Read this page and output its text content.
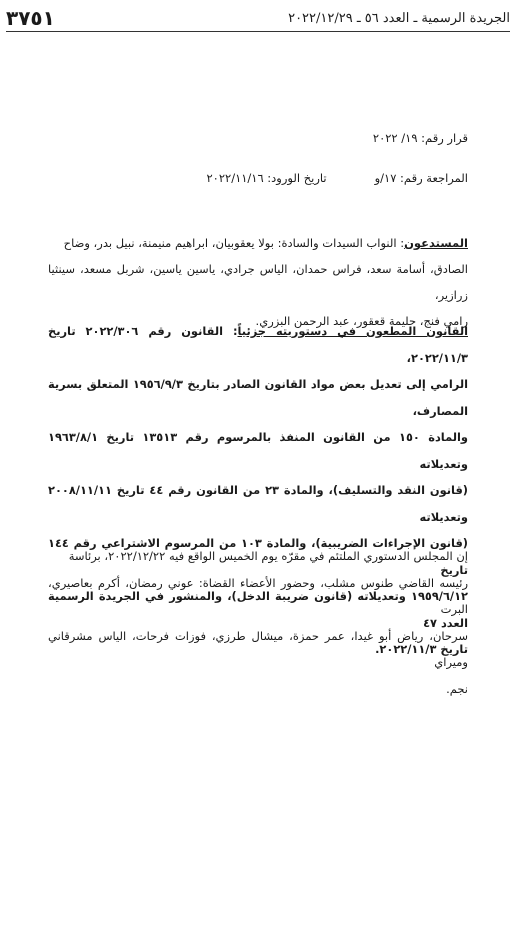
الجريدة الرسمية ـ العدد ٥٦ ـ ٢٠٢٢/١٢/٢٩
٣٧٥١
قرار رقم: ١٩/ ٢٠٢٢
المراجعة رقم: ١٧/و
تاريخ الورود: ٢٠٢٢/١١/١٦
المستدعون: النواب السيدات والسادة: بولا يعقوبيان، ابراهيم منيمنة، نبيل بدر، وضاح
الصادق، أسامة سعد، فراس حمدان، الياس جرادي، ياسين ياسين، شربل مسعد، سينثيا زرازير،
رامي فنج، حليمة قعقور، عبد الرحمن البزري.
القانون المطعون في دستوريته جزئياً: القانون رقم ٢٠٢٢/٣٠٦ تاريخ ٢٠٢٢/١١/٣،
الرامي إلى تعديل بعض مواد القانون الصادر بتاريخ ١٩٥٦/٩/٣ المتعلق بسرية المصارف،
والمادة ١٥٠ من القانون المنفذ بالمرسوم رقم ١٣٥١٣ تاريخ ١٩٦٣/٨/١ وتعديلاته
(قانون النقد والتسليف)، والمادة ٢٣ من القانون رقم ٤٤ تاريخ ٢٠٠٨/١١/١١ وتعديلاته
(قانون الإجراءات الضريبية)، والمادة ١٠٣ من المرسوم الاشتراعي رقم ١٤٤ تاريخ
١٩٥٩/٦/١٢ وتعديلاته (قانون ضريبة الدخل)، والمنشور في الجريدة الرسمية العدد ٤٧
تاريخ ٢٠٢٢/١١/٣.
إن المجلس الدستوري الملتئم في مقرّه يوم الخميس الواقع فيه ٢٠٢٢/١٢/٢٢، برئاسة
رئيسه القاضي طنوس مشلب، وحضور الأعضاء القضاة: عوني رمضان، أكرم بعاصيري، البرت
سرحان، رياض أبو غيدا، عمر حمزة، ميشال طرزي، فوزات فرحات، الياس مشرقاني وميراي
نجم.
